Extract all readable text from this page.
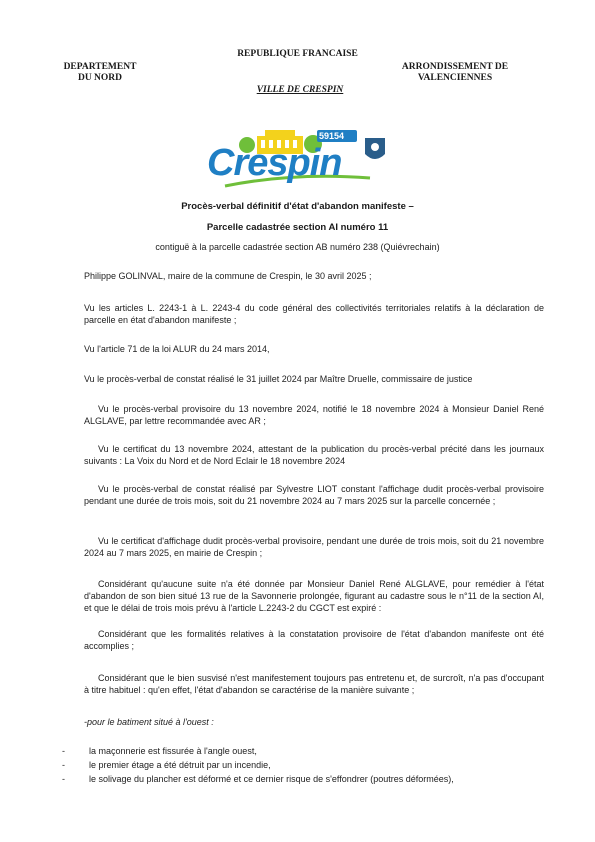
REPUBLIQUE FRANCAISE
DEPARTEMENT
DU NORD
ARRONDISSEMENT DE
VALENCIENNES
VILLE DE CRESPIN
59154
Crespin
Procès-verbal définitif d'état d'abandon manifeste –
Parcelle cadastrée section AI numéro 11
contiguë à la parcelle cadastrée section AB numéro 238 (Quiévrechain)
Philippe GOLINVAL, maire de la commune de Crespin, le 30 avril 2025 ;
Vu les articles L. 2243-1 à L. 2243-4 du code général des collectivités territoriales relatifs à la déclaration de parcelle en état d'abandon manifeste ;
Vu l'article 71 de la loi ALUR du 24 mars 2014,
Vu le procès-verbal de constat réalisé le 31 juillet 2024 par Maître Druelle, commissaire de justice
Vu le procès-verbal provisoire du 13 novembre 2024, notifié le 18 novembre 2024 à Monsieur Daniel René ALGLAVE, par lettre recommandée avec AR ;
Vu le certificat du 13 novembre 2024, attestant de la publication du procès-verbal précité dans les journaux suivants : La Voix du Nord et de Nord Eclair le 18 novembre 2024
Vu le procès-verbal de constat réalisé par Sylvestre LIOT constant l'affichage dudit procès-verbal provisoire pendant une durée de trois mois, soit du 21 novembre 2024 au 7 mars 2025 sur la parcelle concernée ;
Vu le certificat d'affichage dudit procès-verbal provisoire, pendant une durée de trois mois, soit du 21 novembre 2024 au 7 mars 2025, en mairie de Crespin ;
Considérant qu'aucune suite n'a été donnée par Monsieur Daniel René ALGLAVE, pour remédier à l'état d'abandon de son bien situé 13 rue de la Savonnerie prolongée, figurant au cadastre sous le n°11 de la section AI, et que le délai de trois mois prévu à l'article L.2243-2 du CGCT est expiré :
Considérant que les formalités relatives à la constatation provisoire de l'état d'abandon manifeste ont été accomplies ;
Considérant que le bien susvisé n'est manifestement toujours pas entretenu et, de surcroît, n'a pas d'occupant à titre habituel : qu'en effet, l'état d'abandon se caractérise de la manière suivante ;
-pour le batiment situé à l'ouest :
-	la maçonnerie est fissurée à l'angle ouest,
-	le premier étage a été détruit par un incendie,
-	le solivage du plancher est déformé et ce dernier risque de s'effondrer (poutres déformées),
